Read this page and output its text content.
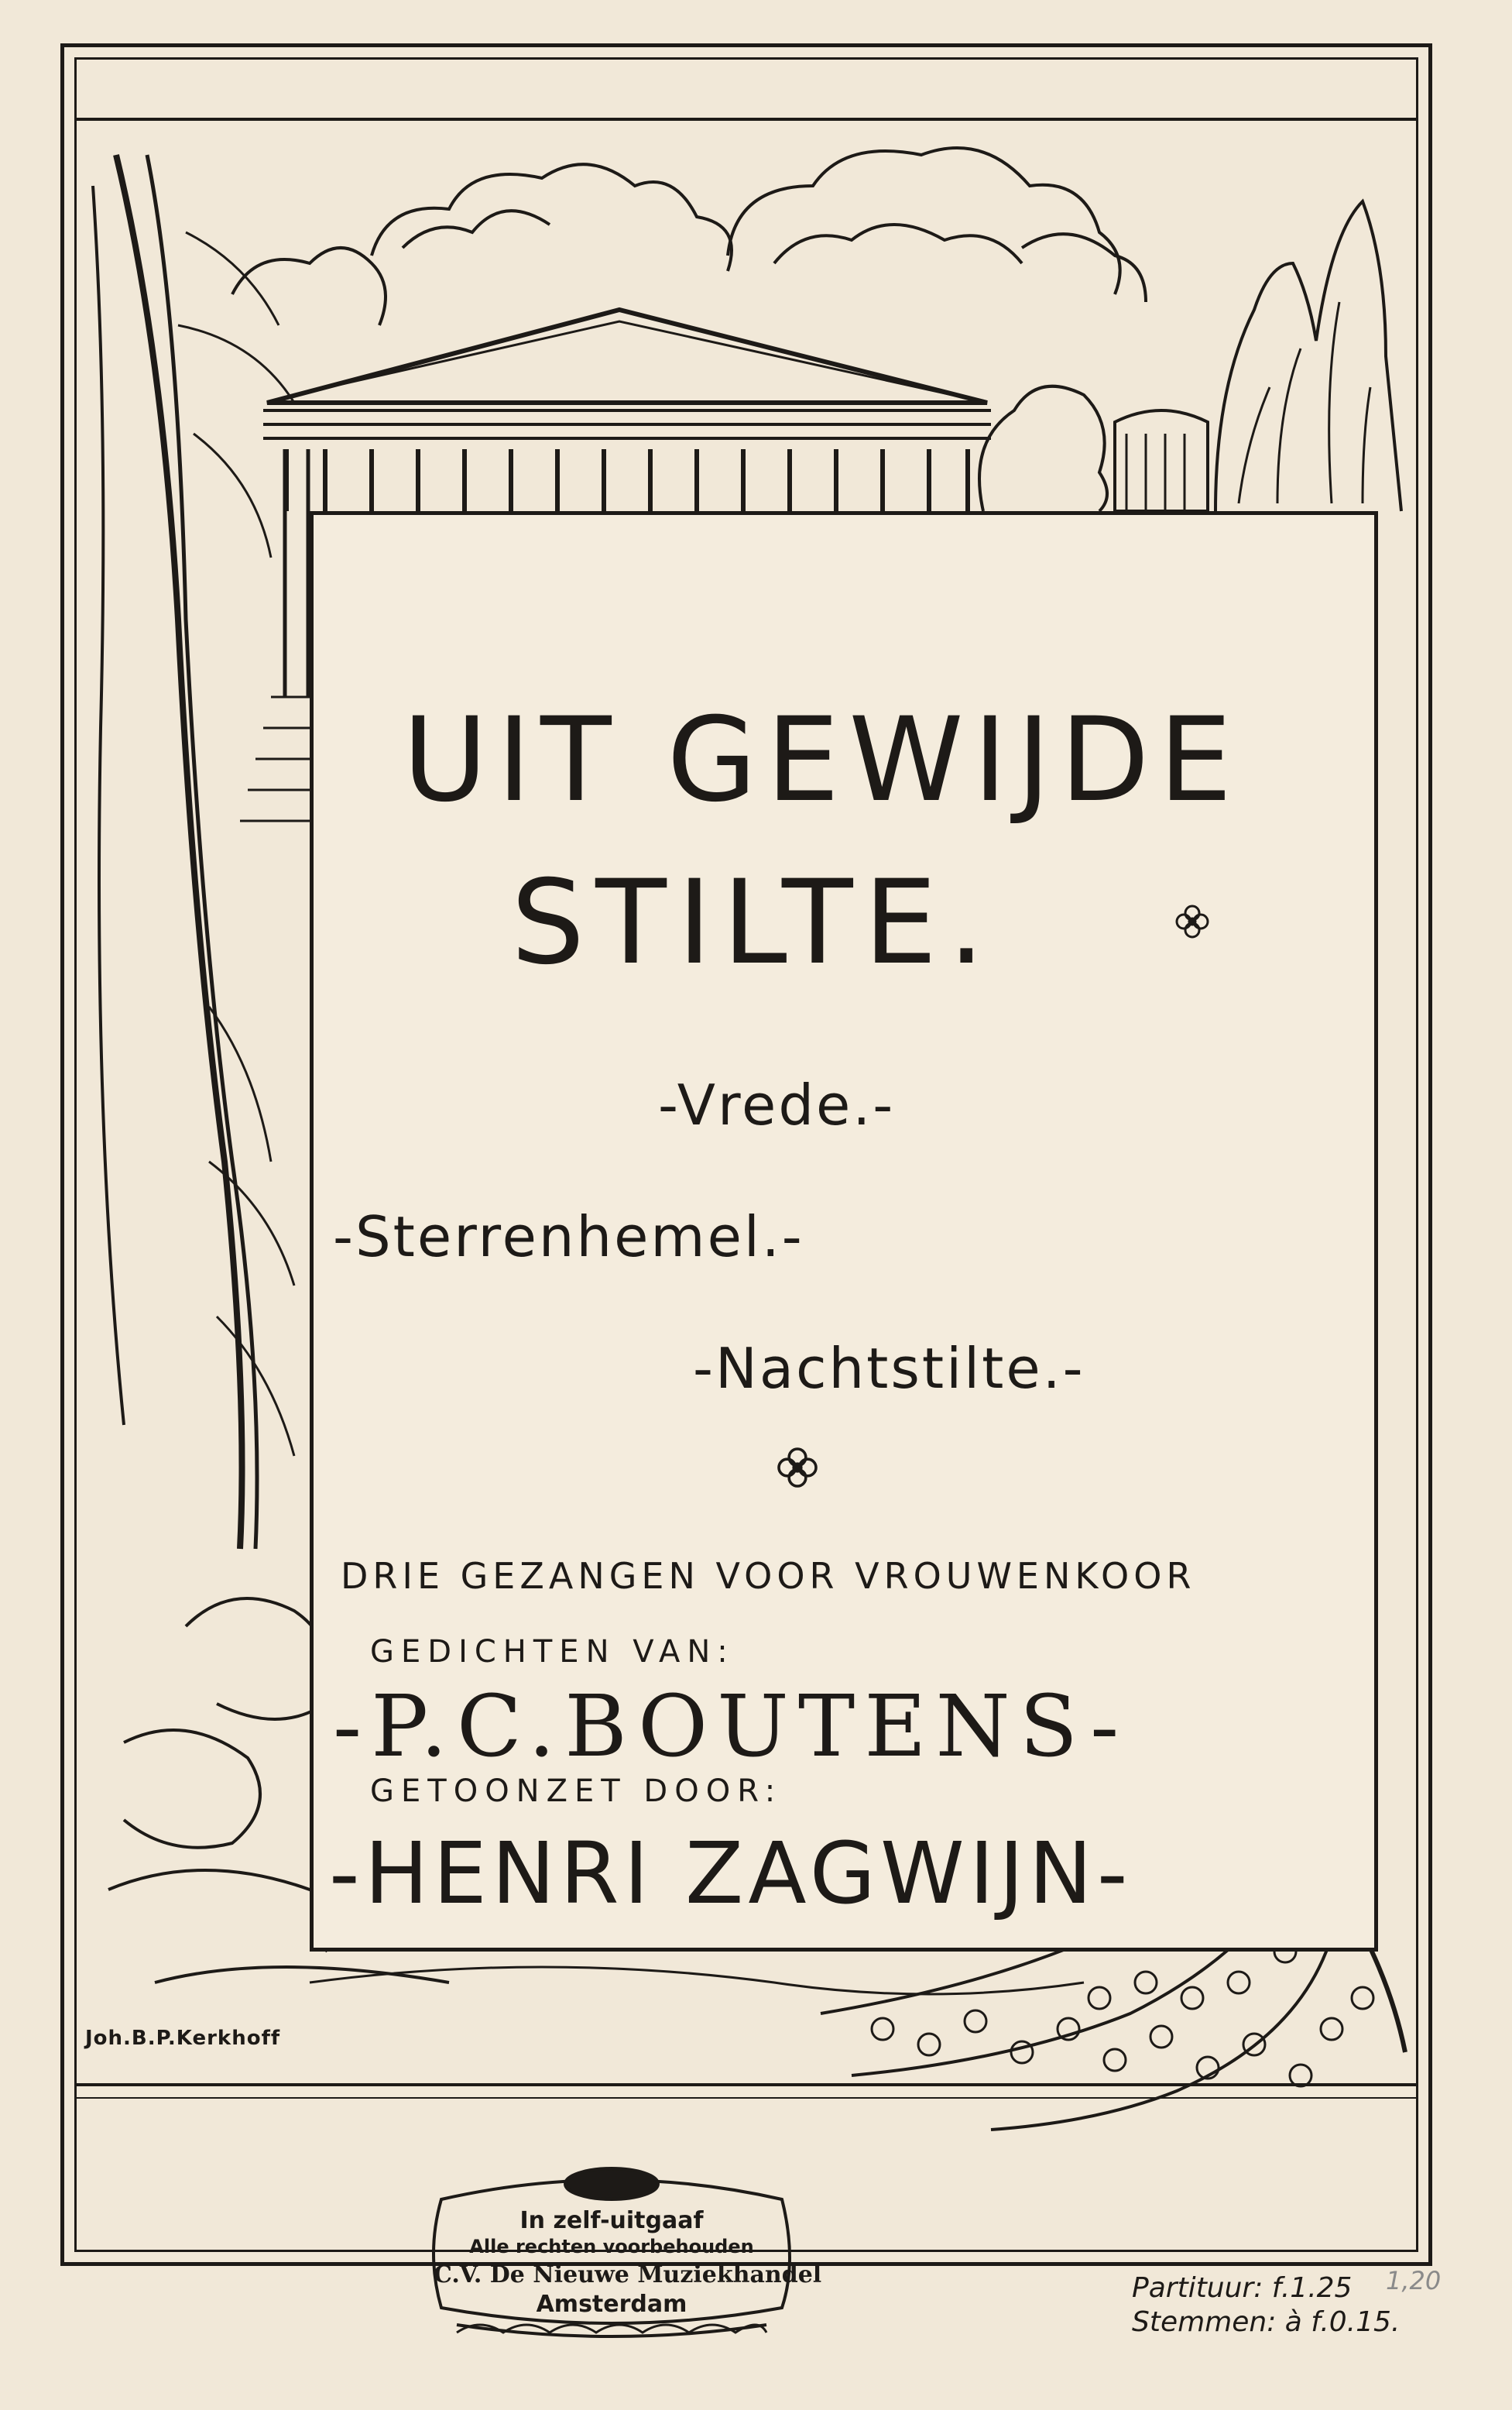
UIT GEWIJDE
STILTE.
-Vrede.-
-Sterrenhemel.-
-Nachtstilte.-
DRIE GEZANGEN VOOR VROUWENKOOR
GEDICHTEN VAN:
-P.C.BOUTENS-
GETOONZET DOOR:
-HENRI ZAGWIJN-
Joh.B.P.Kerkhoff
In zelf-uitgaaf
Alle rechten voorbehouden
C.V. De Nieuwe Muziekhandel
Amsterdam
Partituur: f.1.25
Stemmen: à f.0.15.
1,20
